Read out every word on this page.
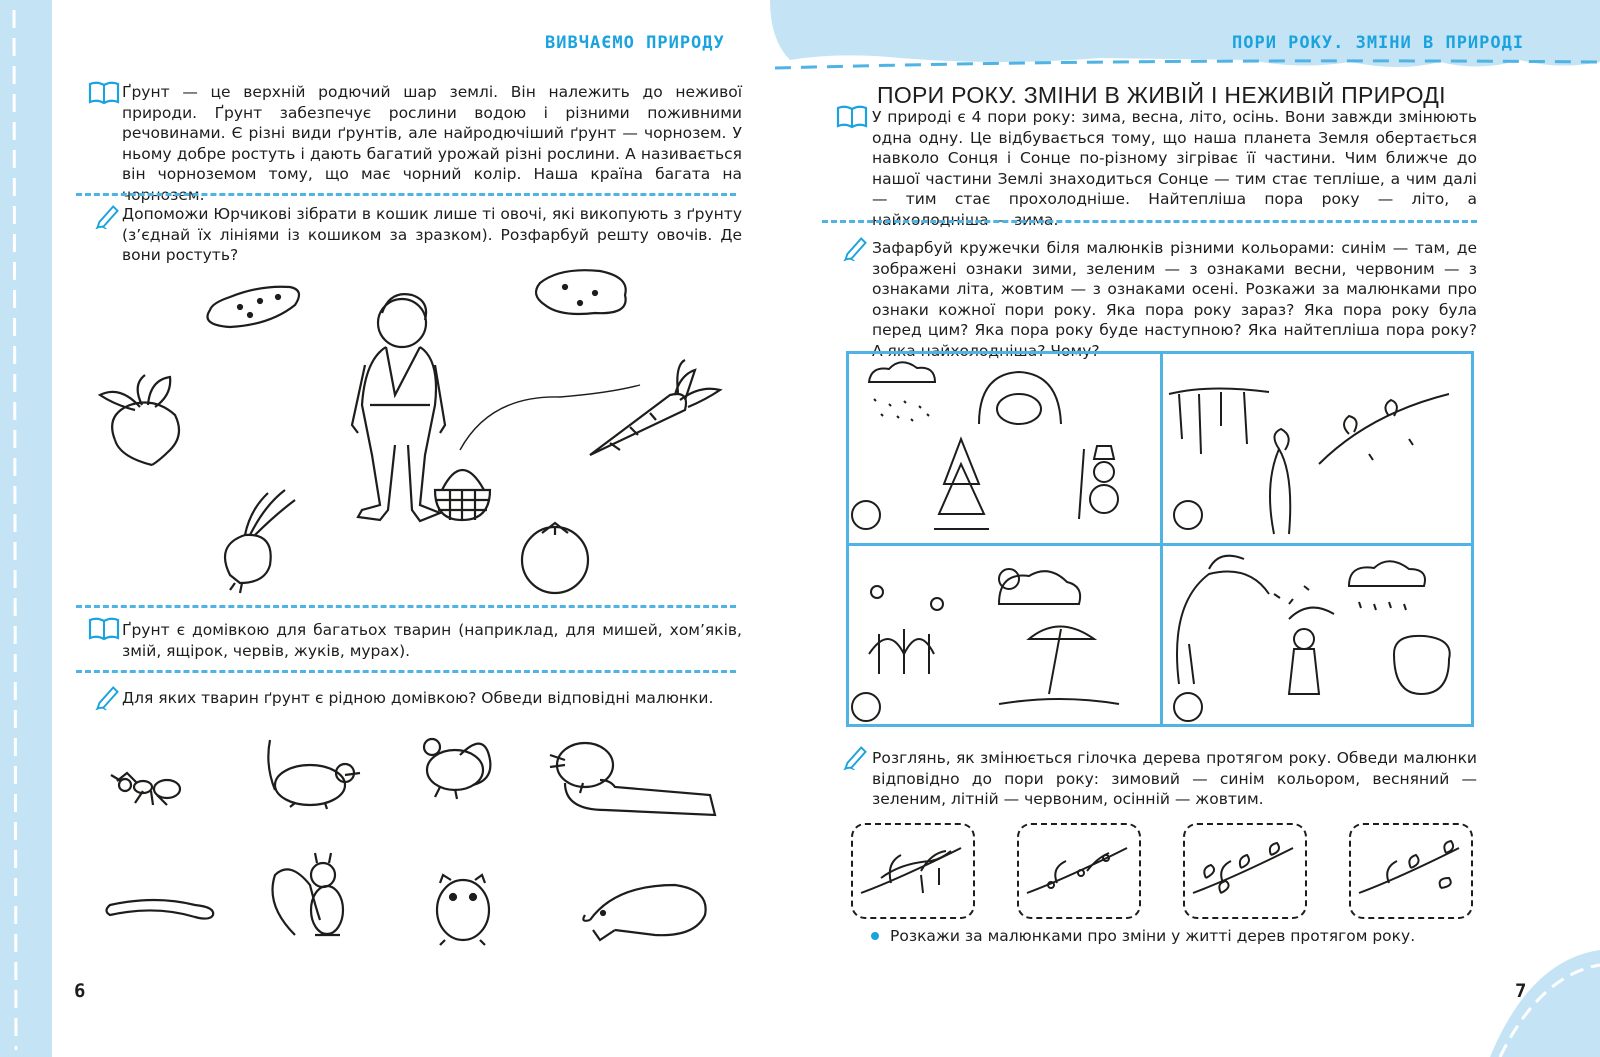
ВИВЧАЄМО ПРИРОДУ

Ґрунт — це верхній родючий шар землі. Він належить до неживої природи. Ґрунт забезпечує рослини водою і різними поживними речовинами. Є різні види ґрунтів, але найродючіший ґрунт — чорнозем. У ньому добре ростуть і дають багатий урожай різні рослини. А називається він чорноземом тому, що має чорний колір. Наша країна багата на чорнозем.

Допоможи Юрчикові зібрати в кошик лише ті овочі, які викопують з ґрунту (з’єднай їх лініями із кошиком за зразком). Розфарбуй решту овочів. Де вони ростуть?

Ґрунт є домівкою для багатьох тварин (наприклад, для мишей, хом’яків, змій, ящірок, червів, жуків, мурах).

Для яких тварин ґрунт є рідною домівкою? Обведи відповідні малюнки.

6
ПОРИ РОКУ. ЗМІНИ В ПРИРОДІ
ПОРИ РОКУ. ЗМІНИ В ЖИВІЙ І НЕЖИВІЙ ПРИРОДІ

У природі є 4 пори року: зима, весна, літо, осінь. Вони завжди змінюють одна одну. Це відбувається тому, що наша планета Земля обертається навколо Сонця і Сонце по-різному зігріває її частини. Чим ближче до нашої частини Землі знаходиться Сонце — тим стає тепліше, а чим далі — тим стає прохолодніше. Найтепліша пора року — літо, а найхолодніша — зима.

Зафарбуй кружечки біля малюнків різними кольорами: синім — там, де зображені ознаки зими, зеленим — з ознаками весни, червоним — з ознаками літа, жовтим — з ознаками осені. Розкажи за малюнками про ознаки кожної пори року. Яка пора року зараз? Яка пора року була перед цим? Яка пора року буде наступною? Яка найтепліша пора року? А яка найхолодніша? Чому?

Розглянь, як змінюється гілочка дерева протягом року. Обведи малюнки відповідно до пори року: зимовий — синім кольором, весняний — зеленим, літній — червоним, осінній — жовтим.

Розкажи за малюнками про зміни у житті дерев протягом року.
7
